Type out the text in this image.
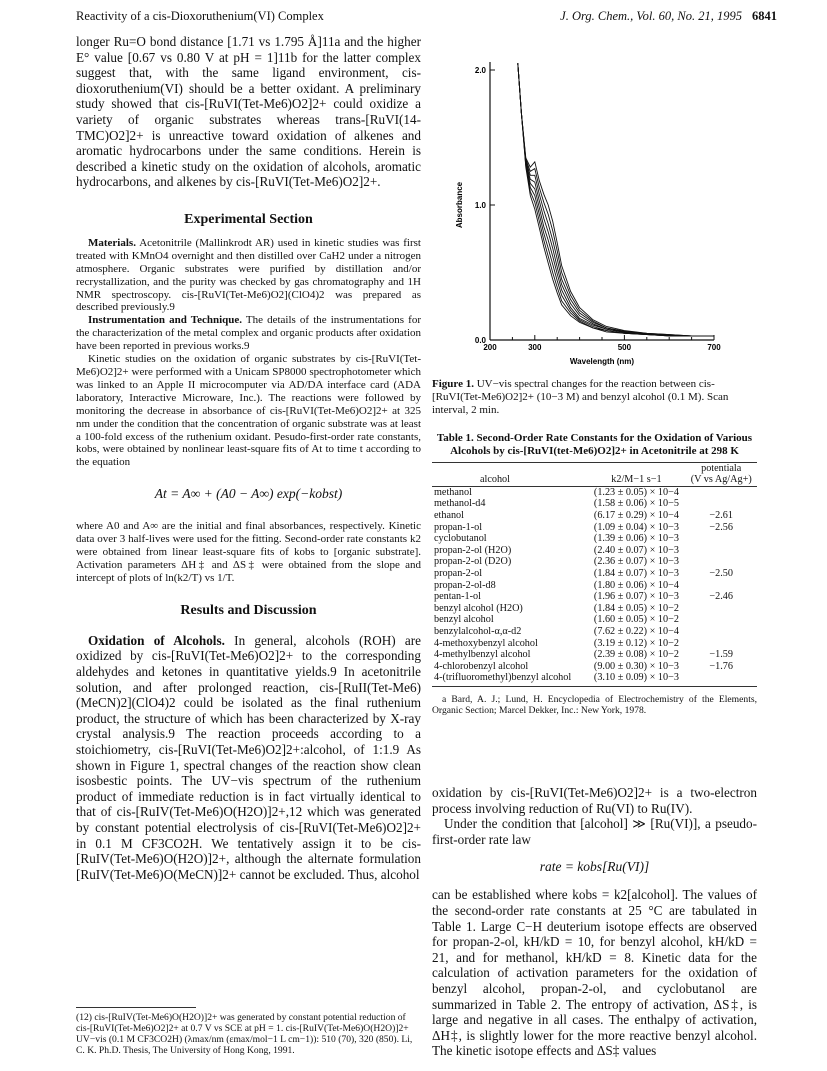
Reactivity of a cis-Dioxoruthenium(VI) Complex	J. Org. Chem., Vol. 60, No. 21, 1995 6841

longer Ru=O bond distance [1.71 vs 1.795 Å]11a and the higher E° value [0.67 vs 0.80 V at pH = 1]11b for the latter complex suggest that, with the same ligand environment, cis-dioxoruthenium(VI) should be a better oxidant. A preliminary study showed that cis-[RuVI(Tet-Me6)O2]2+ could oxidize a variety of organic substrates whereas trans-[RuVI(14-TMC)O2]2+ is unreactive toward oxidation of alkenes and aromatic hydrocarbons under the same conditions. Herein is described a kinetic study on the oxidation of alcohols, aromatic hydrocarbons, and alkenes by cis-[RuVI(Tet-Me6)O2]2+.

Experimental Section

Materials. Acetonitrile (Mallinkrodt AR) used in kinetic studies was first treated with KMnO4 overnight and then distilled over CaH2 under a nitrogen atmosphere. Organic substrates were purified by distillation and/or recrystallization, and the purity was checked by gas chromatography and 1H NMR spectroscopy. cis-[RuVI(Tet-Me6)O2](ClO4)2 was prepared as described previously.9

Instrumentation and Technique. The details of the instrumentations for the characterization of the metal complex and organic products after oxidation have been reported in previous works.9

Kinetic studies on the oxidation of organic substrates by cis-[RuVI(Tet-Me6)O2]2+ were performed with a Unicam SP8000 spectrophotometer which was linked to an Apple II microcomputer via AD/DA interface card (ADA laboratory, Interactive Microware, Inc.). The reactions were followed by monitoring the decrease in absorbance of cis-[RuVI(Tet-Me6)O2]2+ at 325 nm under the condition that the concentration of organic substrate was at least a 100-fold excess of the ruthenium oxidant. Pesudo-first-order rate constants, kobs, were obtained by nonlinear least-square fits of At to time t according to the equation

At = A∞ + (A0 − A∞) exp(−kobst)

where A0 and A∞ are the initial and final absorbances, respectively. Kinetic data over 3 half-lives were used for the fitting. Second-order rate constants k2 were obtained from linear least-square fits of kobs to [organic substrate]. Activation parameters ΔH‡ and ΔS‡ were obtained from the slope and intercept of plots of ln(k2/T) vs 1/T.

Results and Discussion

Oxidation of Alcohols. In general, alcohols (ROH) are oxidized by cis-[RuVI(Tet-Me6)O2]2+ to the corresponding aldehydes and ketones in quantitative yields.9 In acetonitrile solution, and after prolonged reaction, cis-[RuII(Tet-Me6)(MeCN)2](ClO4)2 could be isolated as the final ruthenium product, the structure of which has been characterized by X-ray crystal analysis.9 The reaction proceeds according to a stoichiometry, cis-[RuVI(Tet-Me6)O2]2+:alcohol, of 1:1.9 As shown in Figure 1, spectral changes of the reaction show clean isosbestic points. The UV−vis spectrum of the ruthenium product of immediate reduction is in fact virtually identical to that of cis-[RuIV(Tet-Me6)O(H2O)]2+,12 which was generated by constant potential electrolysis of cis-[RuVI(Tet-Me6)O2]2+ in 0.1 M CF3CO2H. We tentatively assign it to be cis-[RuIV(Tet-Me6)O(H2O)]2+, although the alternate formulation [RuIV(Tet-Me6)O(MeCN)]2+ cannot be excluded. Thus, alcohol

(12) cis-[RuIV(Tet-Me6)O(H2O)]2+ was generated by constant potential reduction of cis-[RuVI(Tet-Me6)O2]2+ at 0.7 V vs SCE at pH = 1. cis-[RuIV(Tet-Me6)O(H2O)]2+ UV−vis (0.1 M CF3CO2H) (λmax/nm (εmax/mol−1 L cm−1)): 510 (70), 320 (850). Li, C. K. Ph.D. Thesis, The University of Hong Kong, 1991.
0.0
1.0
2.0
200	300	500	700
Wavelength (nm)
Absorbance
Figure 1. UV−vis spectral changes for the reaction between cis-[RuVI(Tet-Me6)O2]2+ (10−3 M) and benzyl alcohol (0.1 M). Scan interval, 2 min.
Table 1. Second-Order Rate Constants for the Oxidation of Various Alcohols by cis-[RuVI(tet-Me6)O2]2+ in Acetonitrile at 298 K
alcohol	k2/M−1 s−1	potentiala
(V vs Ag/Ag+)

methanol	(1.23 ± 0.05) × 10−4	
methanol-d4	(1.58 ± 0.06) × 10−5	
ethanol	(6.17 ± 0.29) × 10−4	−2.61
propan-1-ol	(1.09 ± 0.04) × 10−3	−2.56
cyclobutanol	(1.39 ± 0.06) × 10−3	
propan-2-ol (H2O)	(2.40 ± 0.07) × 10−3	
propan-2-ol (D2O)	(2.36 ± 0.07) × 10−3	
propan-2-ol	(1.84 ± 0.07) × 10−3	−2.50
propan-2-ol-d8	(1.80 ± 0.06) × 10−4	
pentan-1-ol	(1.96 ± 0.07) × 10−3	−2.46
benzyl alcohol (H2O)	(1.84 ± 0.05) × 10−2	
benzyl alcohol	(1.60 ± 0.05) × 10−2	
benzylalcohol-α,α-d2	(7.62 ± 0.22) × 10−4	
4-methoxybenzyl alcohol	(3.19 ± 0.12) × 10−2	
4-methylbenzyl alcohol	(2.39 ± 0.08) × 10−2	−1.59
4-chlorobenzyl alcohol	(9.00 ± 0.30) × 10−3	−1.76
4-(trifluoromethyl)benzyl alcohol	(3.10 ± 0.09) × 10−3	
a Bard, A. J.; Lund, H. Encyclopedia of Electrochemistry of the Elements, Organic Section; Marcel Dekker, Inc.: New York, 1978.

oxidation by cis-[RuVI(Tet-Me6)O2]2+ is a two-electron process involving reduction of Ru(VI) to Ru(IV).

Under the condition that [alcohol] ≫ [Ru(VI)], a pseudo-first-order rate law

rate = kobs[Ru(VI)]

can be established where kobs = k2[alcohol]. The values of the second-order rate constants at 25 °C are tabulated in Table 1. Large C−H deuterium isotope effects are observed for propan-2-ol, kH/kD = 10, for benzyl alcohol, kH/kD = 21, and for methanol, kH/kD = 8. Kinetic data for the calculation of activation parameters for the oxidation of benzyl alcohol, propan-2-ol, and cyclobutanol are summarized in Table 2. The entropy of activation, ΔS‡, is large and negative in all cases. The enthalpy of activation, ΔH‡, is slightly lower for the more reactive benzyl alcohol. The kinetic isotope effects and ΔS‡ values
